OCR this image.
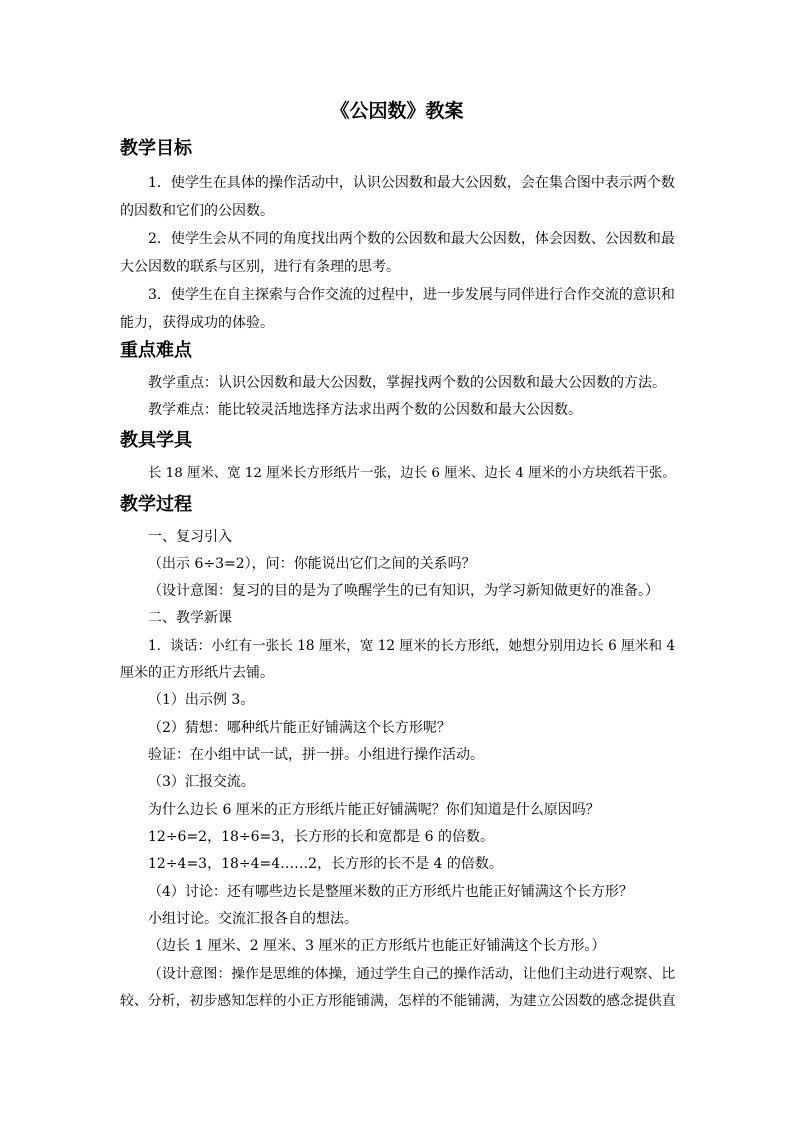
《公因数》教案
教学目标
1．使学生在具体的操作活动中，认识公因数和最大公因数，会在集合图中表示两个数
的因数和它们的公因数。
2．使学生会从不同的角度找出两个数的公因数和最大公因数，体会因数、公因数和最
大公因数的联系与区别，进行有条理的思考。
3．使学生在自主探索与合作交流的过程中，进一步发展与同伴进行合作交流的意识和
能力，获得成功的体验。
重点难点
教学重点：认识公因数和最大公因数，掌握找两个数的公因数和最大公因数的方法。
教学难点：能比较灵活地选择方法求出两个数的公因数和最大公因数。
教具学具
长 18 厘米、宽 12 厘米长方形纸片一张，边长 6 厘米、边长 4 厘米的小方块纸若干张。
教学过程
一、复习引入
（出示 6÷3=2），问：你能说出它们之间的关系吗？
（设计意图：复习的目的是为了唤醒学生的已有知识，为学习新知做更好的准备。）
二、教学新课
1．谈话：小红有一张长 18 厘米，宽 12 厘米的长方形纸，她想分别用边长 6 厘米和 4
厘米的正方形纸片去铺。
（1）出示例 3。
（2）猜想：哪种纸片能正好铺满这个长方形呢？
验证：在小组中试一试，拼一拼。小组进行操作活动。
（3）汇报交流。
为什么边长 6 厘米的正方形纸片能正好铺满呢？你们知道是什么原因吗？
12÷6=2，18÷6=3，长方形的长和宽都是 6 的倍数。
12÷4=3，18÷4=4……2，长方形的长不是 4 的倍数。
（4）讨论：还有哪些边长是整厘米数的正方形纸片也能正好铺满这个长方形？
小组讨论。交流汇报各自的想法。
（边长 1 厘米、2 厘米、3 厘米的正方形纸片也能正好铺满这个长方形。）
（设计意图：操作是思维的体操，通过学生自己的操作活动，让他们主动进行观察、比
较、分析，初步感知怎样的小正方形能铺满，怎样的不能铺满，为建立公因数的感念提供直
